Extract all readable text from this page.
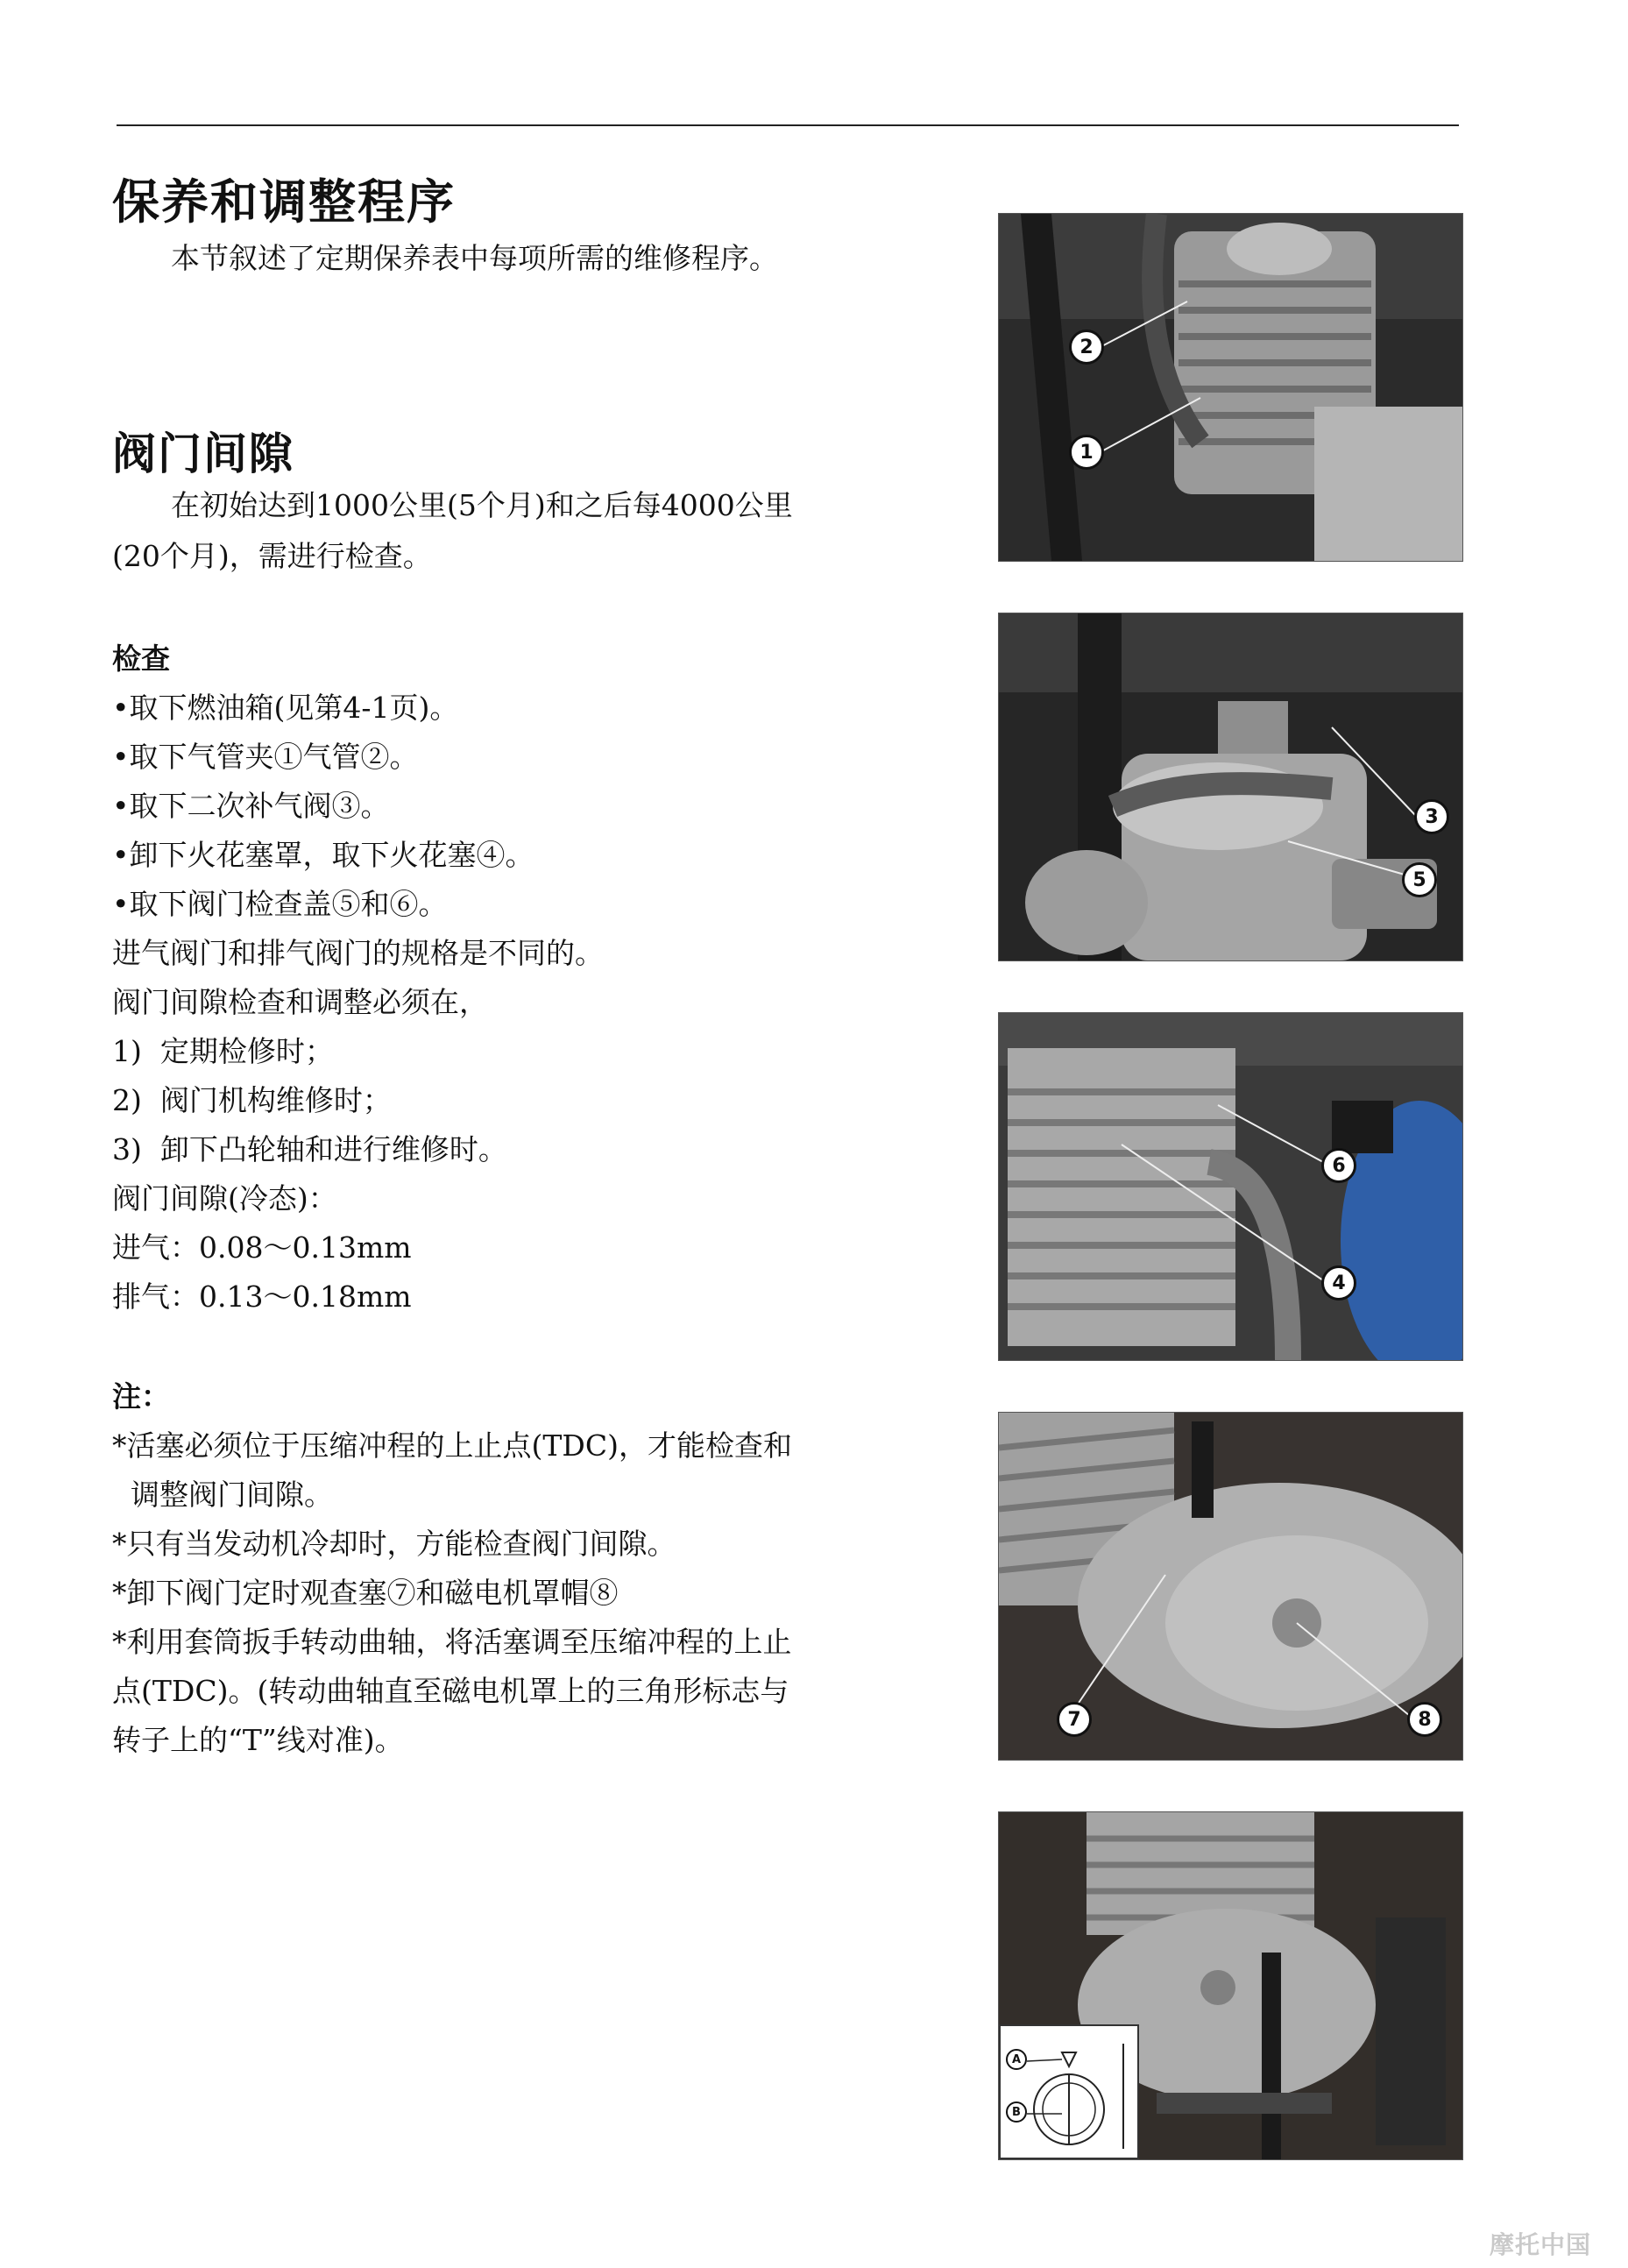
保养和调整程序
本节叙述了定期保养表中每项所需的维修程序。
阀门间隙
在初始达到1000公里(5个月)和之后每4000公里
(20个月)，需进行检查。
检查
•取下燃油箱(见第4-1页)。
•取下气管夹①气管②。
•取下二次补气阀③。
•卸下火花塞罩，取下火花塞④。
•取下阀门检查盖⑤和⑥。
进气阀门和排气阀门的规格是不同的。
阀门间隙检查和调整必须在，
1)  定期检修时；
2)  阀门机构维修时；
3)  卸下凸轮轴和进行维修时。
阀门间隙(冷态)：
进气：0.08～0.13mm
排气：0.13～0.18mm
注：
*活塞必须位于压缩冲程的上止点(TDC)，才能检查和
调整阀门间隙。
*只有当发动机冷却时，方能检查阀门间隙。
*卸下阀门定时观查塞⑦和磁电机罩帽⑧
*利用套筒扳手转动曲轴，将活塞调至压缩冲程的上止
点(TDC)。(转动曲轴直至磁电机罩上的三角形标志与
转子上的“T”线对准)。
2
1
3
5
6
4
7	8
A
B
摩托中国
